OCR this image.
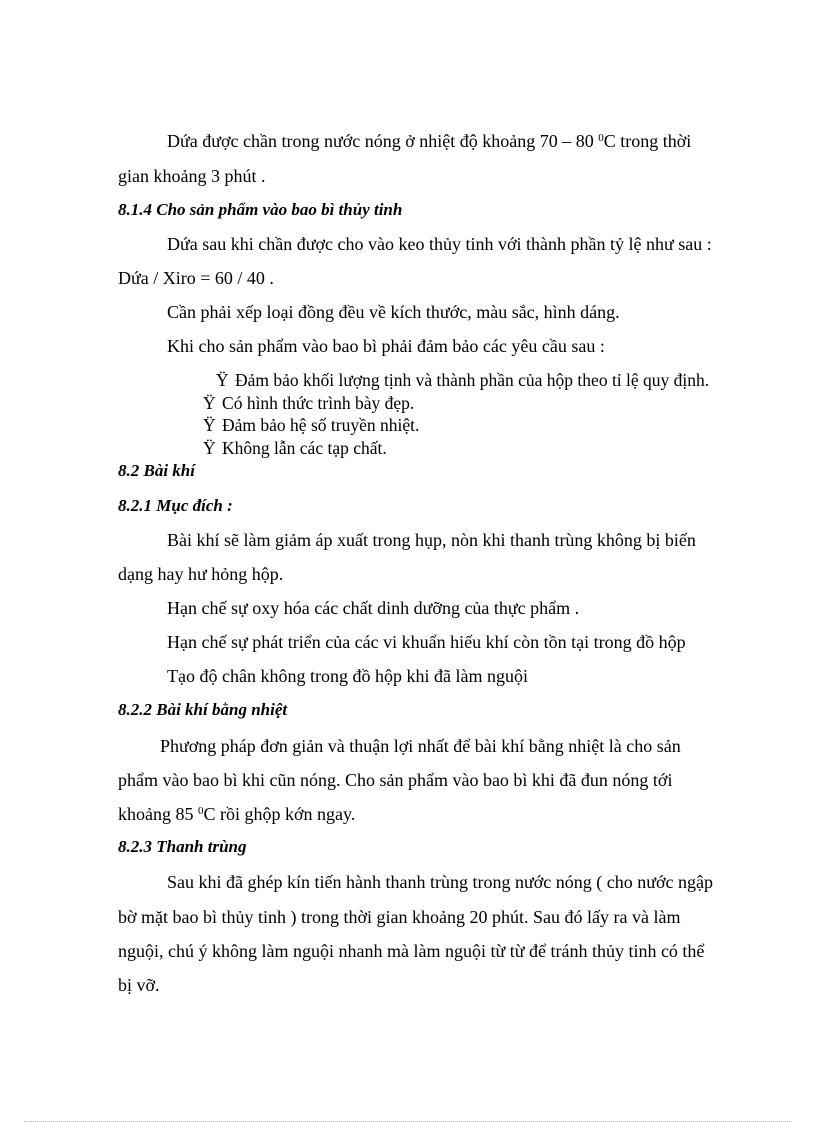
Dứa được chần trong nước nóng ở nhiệt độ khoảng 70 – 80 $^0$C trong thời
gian khoảng 3 phút .
8.1.4 Cho sản phẩm vào bao bì thủy tinh
Dứa sau khi chần được cho vào keo thủy tinh với thành phần tỷ lệ như sau :
Dứa / Xiro = 60 / 40 .
Cần phải xếp loại đồng đều về kích thước, màu sắc, hình dáng.
Khi cho sản phẩm vào bao bì phải đảm bảo các yêu cầu sau :
Ÿ Đảm bảo khối lượng tịnh và thành phần của hộp theo tỉ lệ quy định.
Ÿ Có hình thức trình bày đẹp.
Ÿ Đảm bảo hệ số truyền nhiệt.
Ÿ Không lẫn các tạp chất.
8.2 Bài khí
8.2.1 Mục đích :
Bài khí sẽ làm giảm áp xuất trong hụp, nòn khi thanh trùng không bị biến
dạng hay hư hỏng hộp.
Hạn chế sự oxy hóa các chất dinh dưỡng của thực phẩm .
Hạn chế sự phát triển của các vi khuẩn hiếu khí còn tồn tại trong đồ hộp
Tạo độ chân không trong đồ hộp khi đã làm nguội
8.2.2 Bài khí bằng nhiệt
Phương pháp đơn giản và thuận lợi nhất để bài khí bằng nhiệt là cho sản
phẩm vào bao bì khi cũn nóng. Cho sản phẩm vào bao bì khi đã đun nóng tới
khoảng 85 $^0$C rồi ghộp kớn ngay.
8.2.3 Thanh trùng
Sau khi đã ghép kín tiến hành thanh trùng trong nước nóng ( cho nước ngập
bờ mặt bao bì thủy tinh ) trong thời gian khoảng 20 phút. Sau đó lấy ra và làm
nguội, chú ý không làm nguội nhanh mà làm nguội từ từ để tránh thủy tinh có thể
bị vỡ.
